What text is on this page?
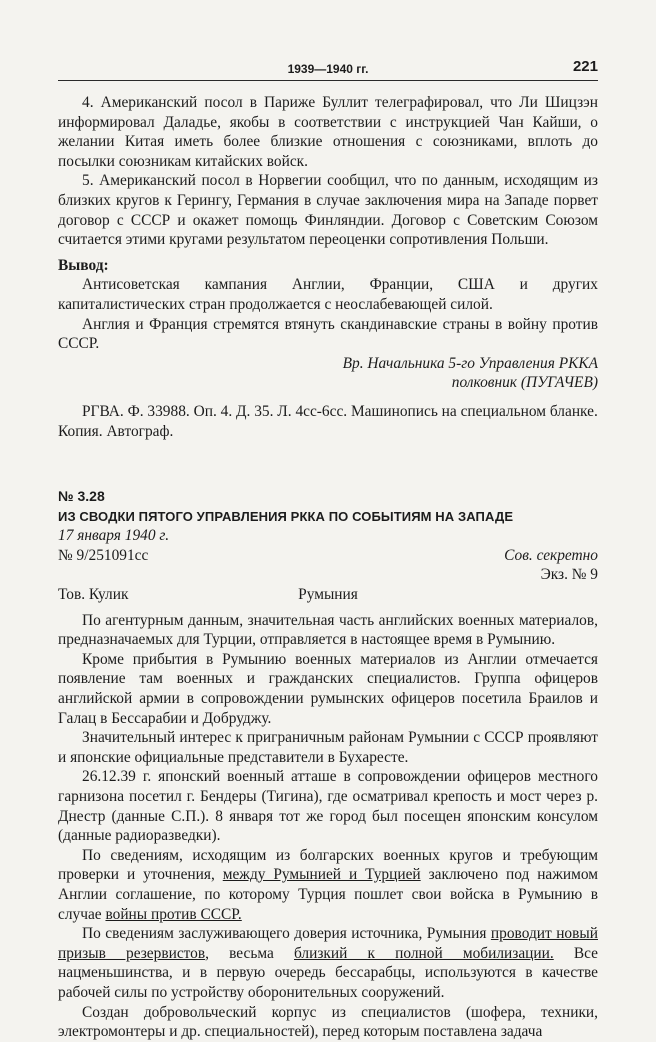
1939—1940 гг.	221

4. Американский посол в Париже Буллит телеграфировал, что Ли Шицзэн информировал Даладье, якобы в соответствии с инструкцией Чан Кайши, о желании Китая иметь более близкие отношения с союзниками, вплоть до посылки союзникам китайских войск.

5. Американский посол в Норвегии сообщил, что по данным, исходящим из близких кругов к Герингу, Германия в случае заключения мира на Западе порвет договор с СССР и окажет помощь Финляндии. Договор с Советским Союзом считается этими кругами результатом переоценки сопротивления Польши.

Вывод:

Антисоветская кампания Англии, Франции, США и других капиталистических стран продолжается с неослабевающей силой.

Англия и Франция стремятся втянуть скандинавские страны в войну против СССР.

Вр. Начальника 5-го Управления РККА

полковник (ПУГАЧЕВ)

РГВА. Ф. 33988. Оп. 4. Д. 35. Л. 4сс-6сс. Машинопись на специальном бланке. Копия. Автограф.

№ 3.28

ИЗ СВОДКИ ПЯТОГО УПРАВЛЕНИЯ РККА ПО СОБЫТИЯМ НА ЗАПАДЕ

17 января 1940 г.

№ 9/251091сс	Сов. секретно

Экз. № 9

Тов. Кулик	Румыния

По агентурным данным, значительная часть английских военных материалов, предназначаемых для Турции, отправляется в настоящее время в Румынию.

Кроме прибытия в Румынию военных материалов из Англии отмечается появление там военных и гражданских специалистов. Группа офицеров английской армии в сопровождении румынских офицеров посетила Браилов и Галац в Бессарабии и Добруджу.

Значительный интерес к приграничным районам Румынии с СССР проявляют и японские официальные представители в Бухаресте.

26.12.39 г. японский военный атташе в сопровождении офицеров местного гарнизона посетил г. Бендеры (Тигина), где осматривал крепость и мост через р. Днестр (данные С.П.). 8 января тот же город был посещен японским консулом (данные радиоразведки).

По сведениям, исходящим из болгарских военных кругов и требующим проверки и уточнения, между Румынией и Турцией заключено под нажимом Англии соглашение, по которому Турция пошлет свои войска в Румынию в случае войны против СССР.

По сведениям заслуживающего доверия источника, Румыния проводит новый призыв резервистов, весьма близкий к полной мобилизации. Все нацменьшинства, и в первую очередь бессарабцы, используются в качестве рабочей силы по устройству оборонительных сооружений.

Создан добровольческий корпус из специалистов (шофера, техники, электромонтеры и др. специальностей), перед которым поставлена задача
